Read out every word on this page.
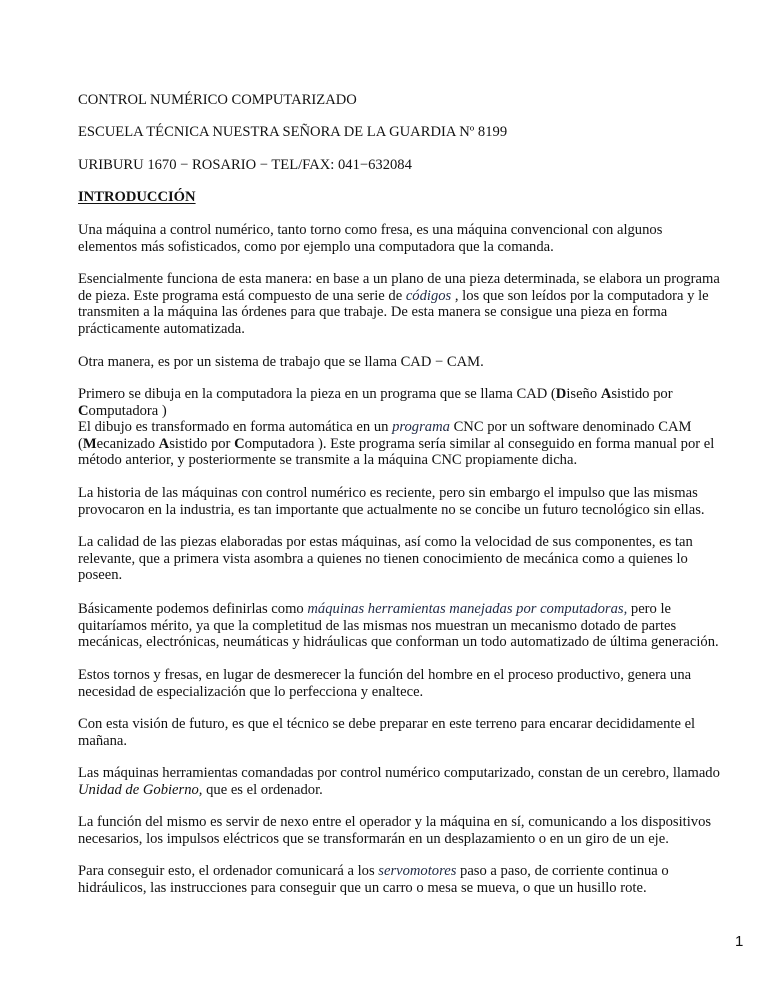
CONTROL NUMÉRICO COMPUTARIZADO
ESCUELA TÉCNICA NUESTRA SEÑORA DE LA GUARDIA Nº 8199
URIBURU 1670 − ROSARIO − TEL/FAX: 041−632084
INTRODUCCIÓN
Una máquina a control numérico, tanto torno como fresa, es una máquina convencional con algunos
elementos más sofisticados, como por ejemplo una computadora que la comanda.
Esencialmente funciona de esta manera: en base a un plano de una pieza determinada, se elabora un programa
de pieza. Este programa está compuesto de una serie de códigos , los que son leídos por la computadora y le
transmiten a la máquina las órdenes para que trabaje. De esta manera se consigue una pieza en forma
prácticamente automatizada.
Otra manera, es por un sistema de trabajo que se llama CAD − CAM.
Primero se dibuja en la computadora la pieza en un programa que se llama CAD (Diseño Asistido por
Computadora )
El dibujo es transformado en forma automática en un programa CNC por un software denominado CAM
(Mecanizado Asistido por Computadora ). Este programa sería similar al conseguido en forma manual por el
método anterior, y posteriormente se transmite a la máquina CNC propiamente dicha.
La historia de las máquinas con control numérico es reciente, pero sin embargo el impulso que las mismas
provocaron en la industria, es tan importante que actualmente no se concibe un futuro tecnológico sin ellas.
La calidad de las piezas elaboradas por estas máquinas, así como la velocidad de sus componentes, es tan
relevante, que a primera vista asombra a quienes no tienen conocimiento de mecánica como a quienes lo
poseen.
Básicamente podemos definirlas como máquinas herramientas manejadas por computadoras, pero le
quitaríamos mérito, ya que la completitud de las mismas nos muestran un mecanismo dotado de partes
mecánicas, electrónicas, neumáticas y hidráulicas que conforman un todo automatizado de última generación.
Estos tornos y fresas, en lugar de desmerecer la función del hombre en el proceso productivo, genera una
necesidad de especialización que lo perfecciona y enaltece.
Con esta visión de futuro, es que el técnico se debe preparar en este terreno para encarar decididamente el
mañana.
Las máquinas herramientas comandadas por control numérico computarizado, constan de un cerebro, llamado
Unidad de Gobierno, que es el ordenador.
La función del mismo es servir de nexo entre el operador y la máquina en sí, comunicando a los dispositivos
necesarios, los impulsos eléctricos que se transformarán en un desplazamiento o en un giro de un eje.
Para conseguir esto, el ordenador comunicará a los servomotores paso a paso, de corriente continua o
hidráulicos, las instrucciones para conseguir que un carro o mesa se mueva, o que un husillo rote.
1
